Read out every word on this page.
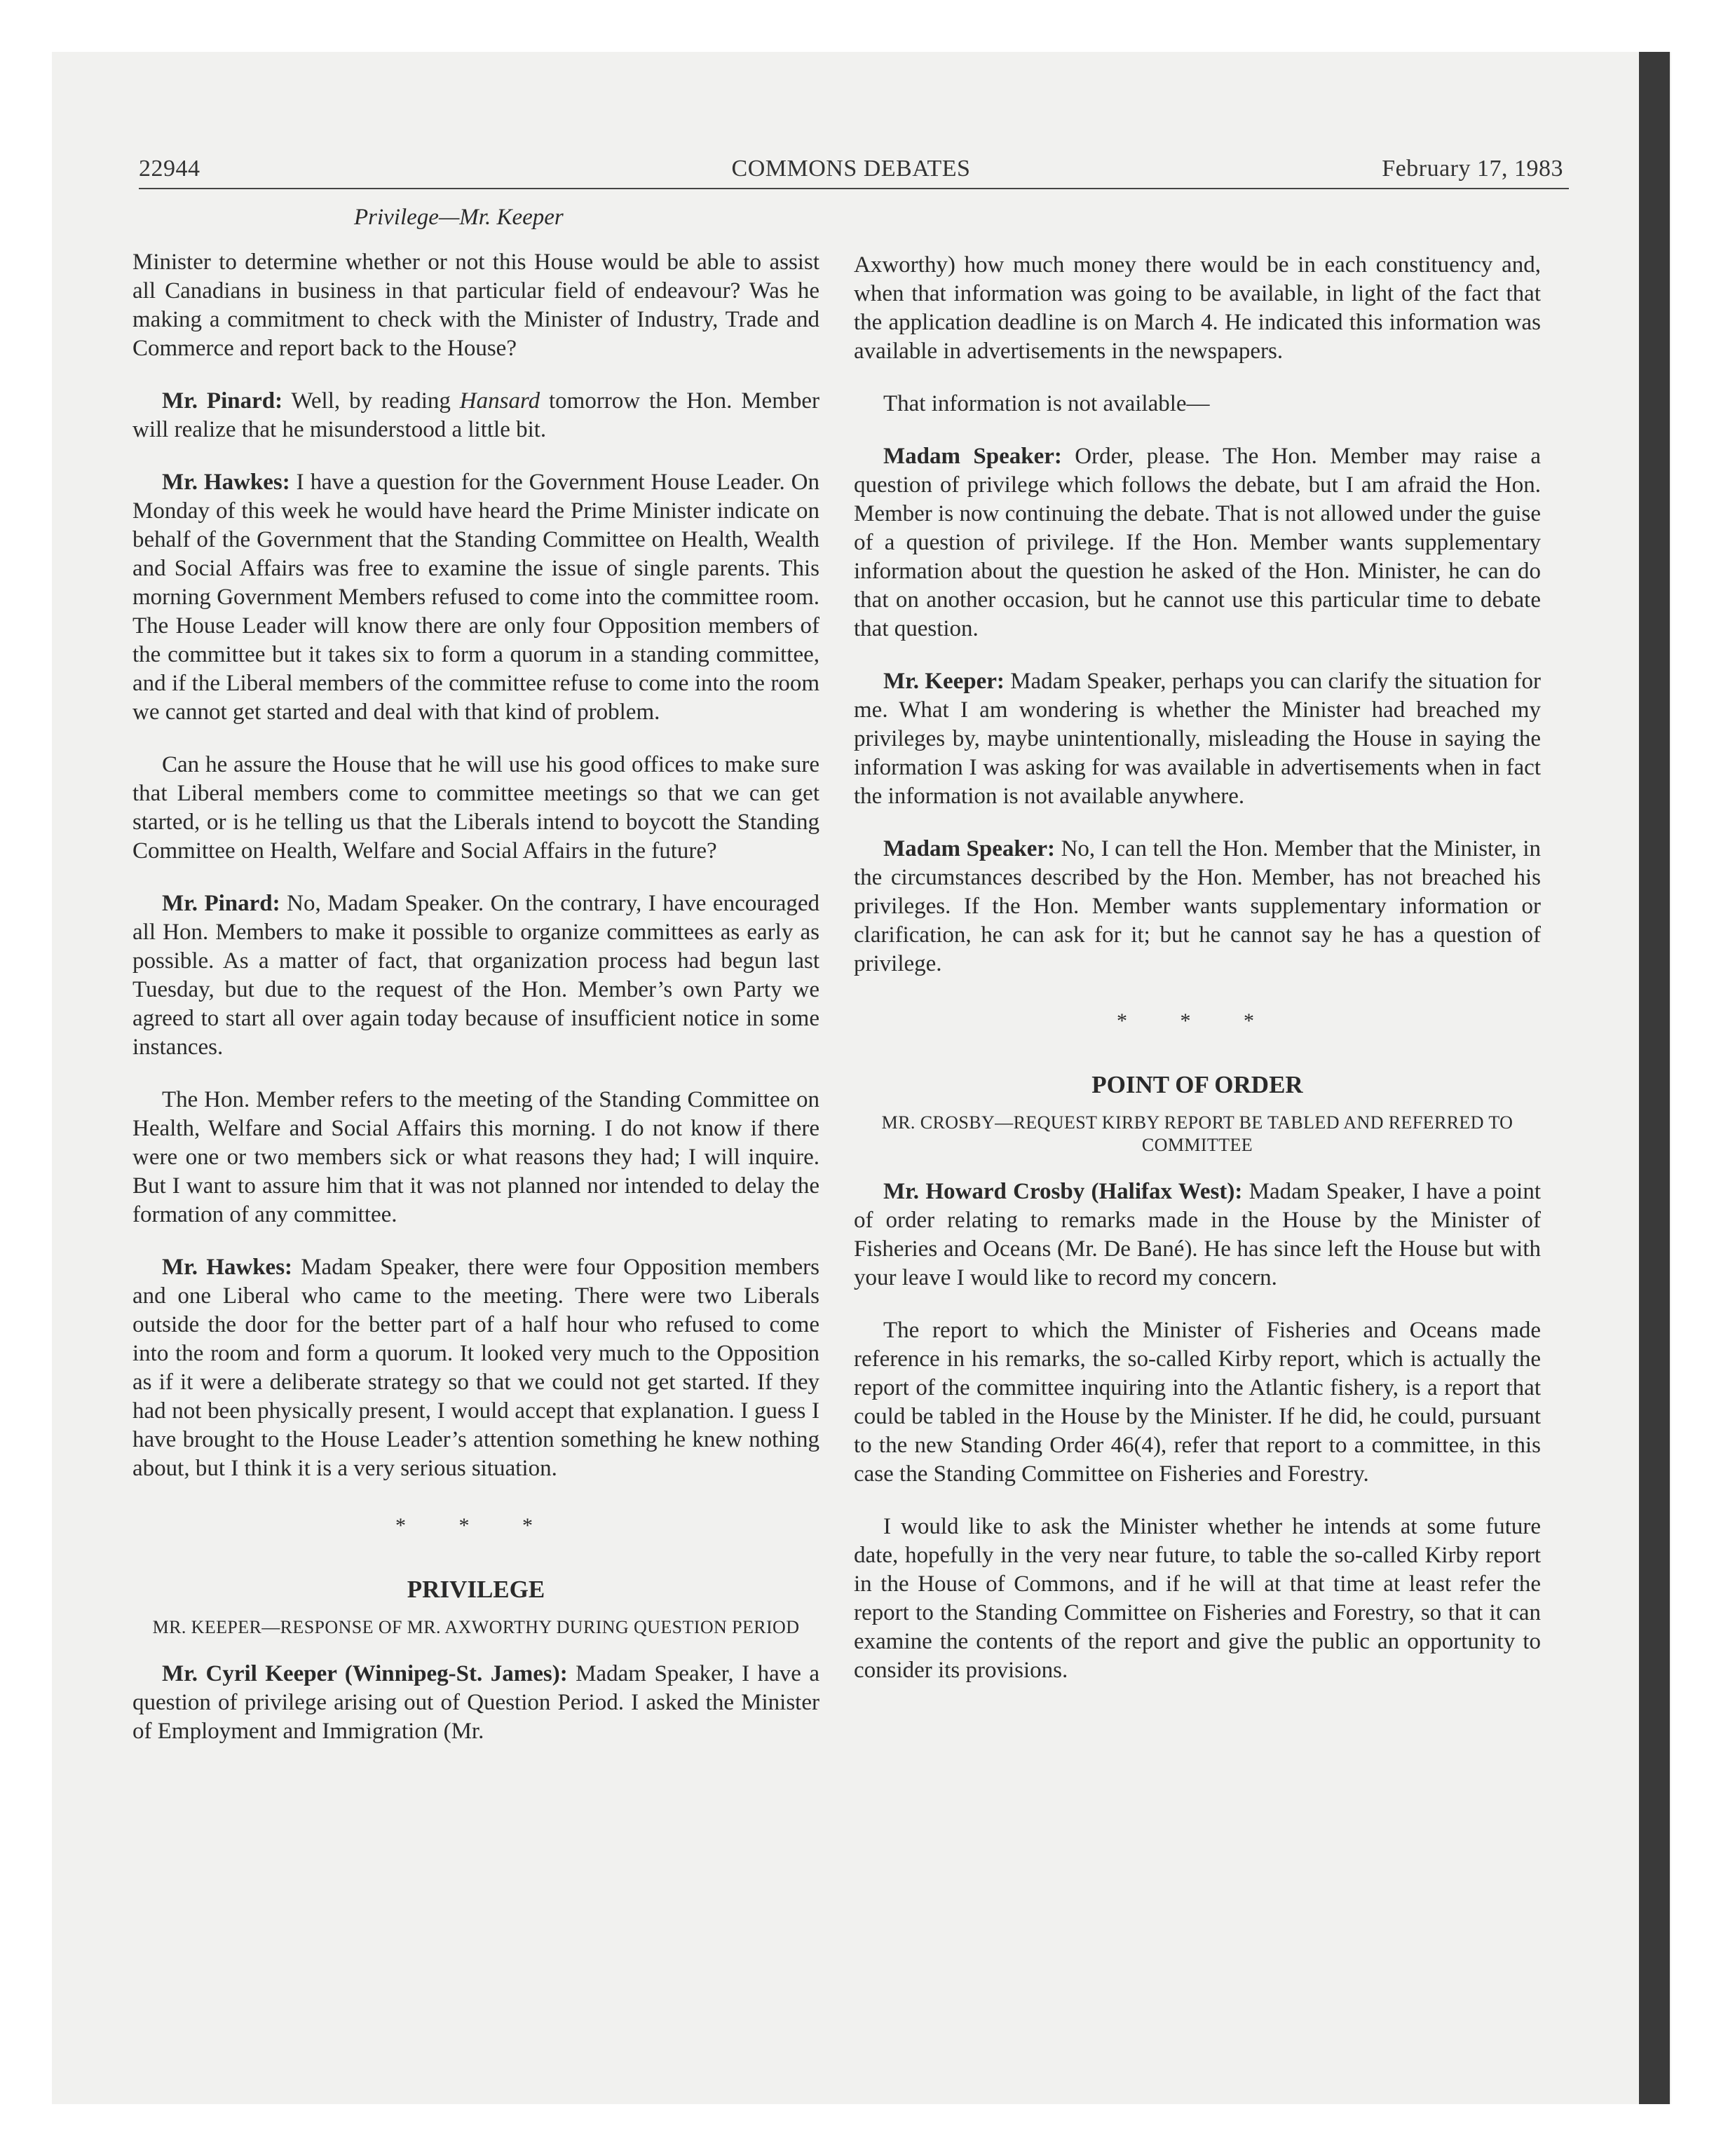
22944	COMMONS DEBATES	February 17, 1983
Privilege—Mr. Keeper

Minister to determine whether or not this House would be able to assist all Canadians in business in that particular field of endeavour? Was he making a commitment to check with the Minister of Industry, Trade and Commerce and report back to the House?

Mr. Pinard: Well, by reading Hansard tomorrow the Hon. Member will realize that he misunderstood a little bit.

Mr. Hawkes: I have a question for the Government House Leader. On Monday of this week he would have heard the Prime Minister indicate on behalf of the Government that the Standing Committee on Health, Wealth and Social Affairs was free to examine the issue of single parents. This morning Government Members refused to come into the committee room. The House Leader will know there are only four Opposition members of the committee but it takes six to form a quorum in a standing committee, and if the Liberal members of the committee refuse to come into the room we cannot get started and deal with that kind of problem.

Can he assure the House that he will use his good offices to make sure that Liberal members come to committee meetings so that we can get started, or is he telling us that the Liberals intend to boycott the Standing Committee on Health, Welfare and Social Affairs in the future?

Mr. Pinard: No, Madam Speaker. On the contrary, I have encouraged all Hon. Members to make it possible to organize committees as early as possible. As a matter of fact, that organization process had begun last Tuesday, but due to the request of the Hon. Member’s own Party we agreed to start all over again today because of insufficient notice in some instances.

The Hon. Member refers to the meeting of the Standing Committee on Health, Welfare and Social Affairs this morning. I do not know if there were one or two members sick or what reasons they had; I will inquire. But I want to assure him that it was not planned nor intended to delay the formation of any committee.

Mr. Hawkes: Madam Speaker, there were four Opposition members and one Liberal who came to the meeting. There were two Liberals outside the door for the better part of a half hour who refused to come into the room and form a quorum. It looked very much to the Opposition as if it were a deliberate strategy so that we could not get started. If they had not been physically present, I would accept that explanation. I guess I have brought to the House Leader’s attention something he knew nothing about, but I think it is a very serious situation.

* * *
PRIVILEGE
MR. KEEPER—RESPONSE OF MR. AXWORTHY DURING QUESTION PERIOD

Mr. Cyril Keeper (Winnipeg-St. James): Madam Speaker, I have a question of privilege arising out of Question Period. I asked the Minister of Employment and Immigration (Mr.

Axworthy) how much money there would be in each constituency and, when that information was going to be available, in light of the fact that the application deadline is on March 4. He indicated this information was available in advertisements in the newspapers.

That information is not available—

Madam Speaker: Order, please. The Hon. Member may raise a question of privilege which follows the debate, but I am afraid the Hon. Member is now continuing the debate. That is not allowed under the guise of a question of privilege. If the Hon. Member wants supplementary information about the question he asked of the Hon. Minister, he can do that on another occasion, but he cannot use this particular time to debate that question.

Mr. Keeper: Madam Speaker, perhaps you can clarify the situation for me. What I am wondering is whether the Minister had breached my privileges by, maybe unintentionally, misleading the House in saying the information I was asking for was available in advertisements when in fact the information is not available anywhere.

Madam Speaker: No, I can tell the Hon. Member that the Minister, in the circumstances described by the Hon. Member, has not breached his privileges. If the Hon. Member wants supplementary information or clarification, he can ask for it; but he cannot say he has a question of privilege.

* * *
POINT OF ORDER
MR. CROSBY—REQUEST KIRBY REPORT BE TABLED AND REFERRED TO COMMITTEE

Mr. Howard Crosby (Halifax West): Madam Speaker, I have a point of order relating to remarks made in the House by the Minister of Fisheries and Oceans (Mr. De Bané). He has since left the House but with your leave I would like to record my concern.

The report to which the Minister of Fisheries and Oceans made reference in his remarks, the so-called Kirby report, which is actually the report of the committee inquiring into the Atlantic fishery, is a report that could be tabled in the House by the Minister. If he did, he could, pursuant to the new Standing Order 46(4), refer that report to a committee, in this case the Standing Committee on Fisheries and Forestry.

I would like to ask the Minister whether he intends at some future date, hopefully in the very near future, to table the so-called Kirby report in the House of Commons, and if he will at that time at least refer the report to the Standing Committee on Fisheries and Forestry, so that it can examine the contents of the report and give the public an opportunity to consider its provisions.
